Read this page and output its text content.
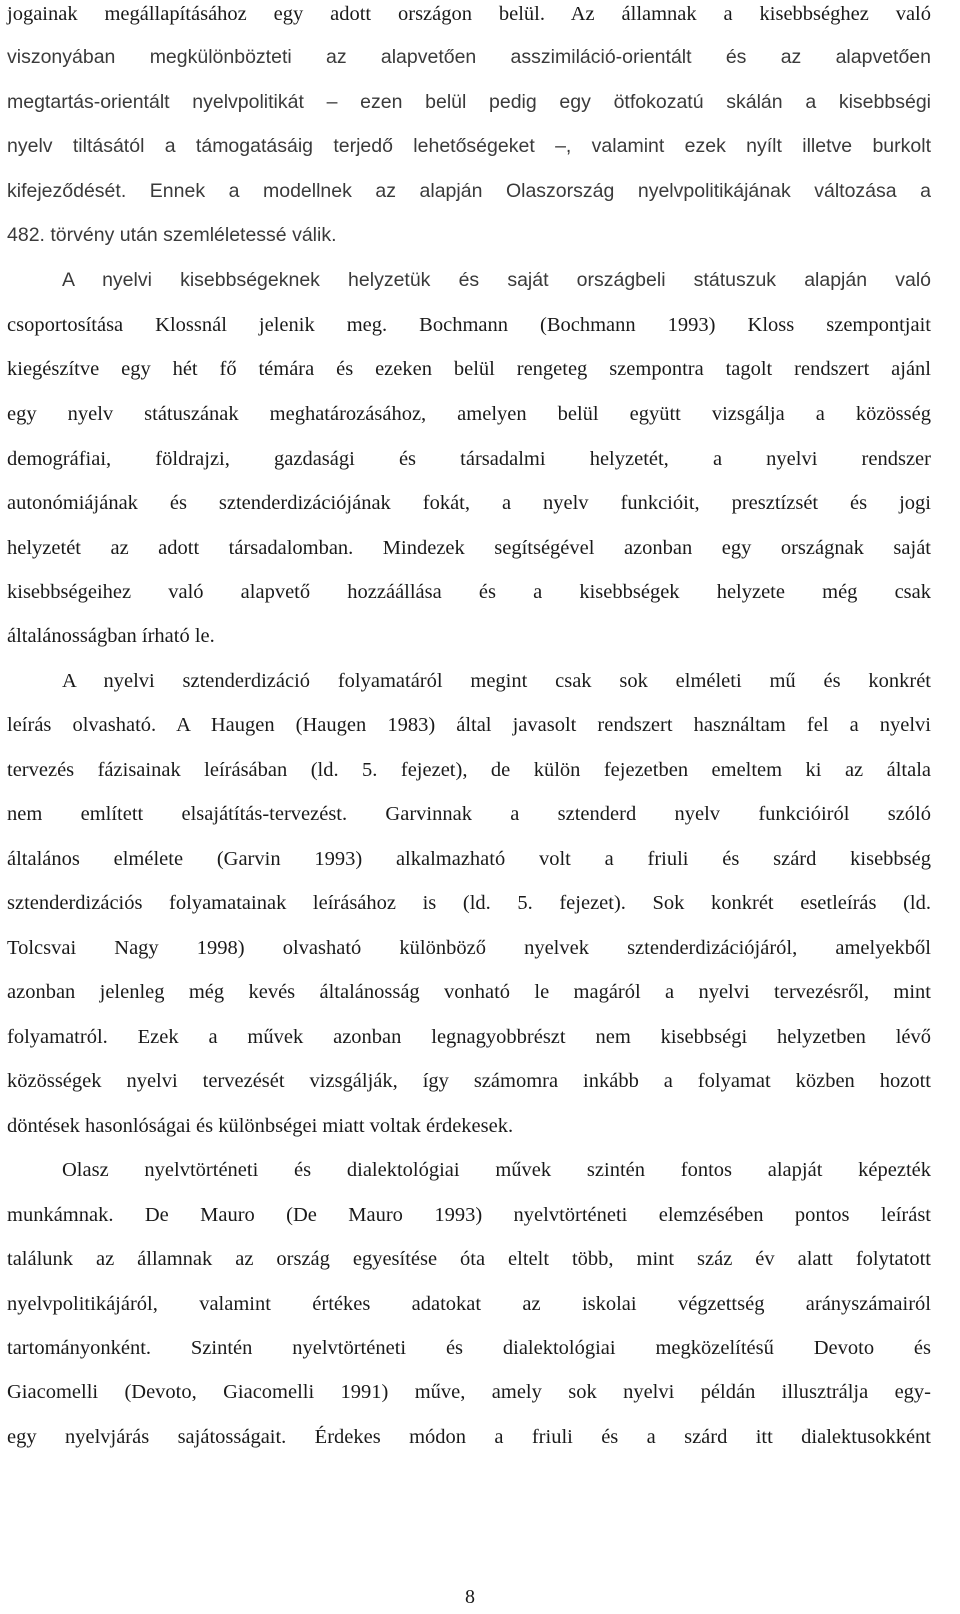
jogainak megállapításához egy adott országon belül. Az államnak a kisebbséghez való
viszonyában megkülönbözteti az alapvetően asszimiláció-orientált és az alapvetően
megtartás-orientált nyelvpolitikát – ezen belül pedig egy ötfokozatú skálán a kisebbségi
nyelv tiltásától a támogatásáig terjedő lehetőségeket –, valamint ezek nyílt illetve burkolt
kifejeződését. Ennek a modellnek az alapján Olaszország nyelvpolitikájának változása a
482. törvény után szemléletessé válik.
A nyelvi kisebbségeknek helyzetük és saját országbeli státuszuk alapján való
csoportosítása Klossnál jelenik meg. Bochmann (Bochmann 1993) Kloss szempontjait
kiegészítve egy hét fő témára és ezeken belül rengeteg szempontra tagolt rendszert ajánl
egy nyelv státuszának meghatározásához, amelyen belül együtt vizsgálja a közösség
demográfiai, földrajzi, gazdasági és társadalmi helyzetét, a nyelvi rendszer
autonómiájának és sztenderdizációjának fokát, a nyelv funkcióit, presztízsét és jogi
helyzetét az adott társadalomban. Mindezek segítségével azonban egy országnak saját
kisebbségeihez való alapvető hozzáállása és a kisebbségek helyzete még csak
általánosságban írható le.
A nyelvi sztenderdizáció folyamatáról megint csak sok elméleti mű és konkrét
leírás olvasható. A Haugen (Haugen 1983) által javasolt rendszert használtam fel a nyelvi
tervezés fázisainak leírásában (ld. 5. fejezet), de külön fejezetben emeltem ki az általa
nem említett elsajátítás-tervezést. Garvinnak a sztenderd nyelv funkcióiról szóló
általános elmélete (Garvin 1993) alkalmazható volt a friuli és szárd kisebbség
sztenderdizációs folyamatainak leírásához is (ld. 5. fejezet). Sok konkrét esetleírás (ld.
Tolcsvai Nagy 1998) olvasható különböző nyelvek sztenderdizációjáról, amelyekből
azonban jelenleg még kevés általánosság vonható le magáról a nyelvi tervezésről, mint
folyamatról. Ezek a művek azonban legnagyobbrészt nem kisebbségi helyzetben lévő
közösségek nyelvi tervezését vizsgálják, így számomra inkább a folyamat közben hozott
döntések hasonlóságai és különbségei miatt voltak érdekesek.
Olasz nyelvtörténeti és dialektológiai művek szintén fontos alapját képezték
munkámnak. De Mauro (De Mauro 1993) nyelvtörténeti elemzésében pontos leírást
találunk az államnak az ország egyesítése óta eltelt több, mint száz év alatt folytatott
nyelvpolitikájáról, valamint értékes adatokat az iskolai végzettség arányszámairól
tartományonként. Szintén nyelvtörténeti és dialektológiai megközelítésű Devoto és
Giacomelli (Devoto, Giacomelli 1991) műve, amely sok nyelvi példán illusztrálja egy-
egy nyelvjárás sajátosságait. Érdekes módon a friuli és a szárd itt dialektusokként
8
